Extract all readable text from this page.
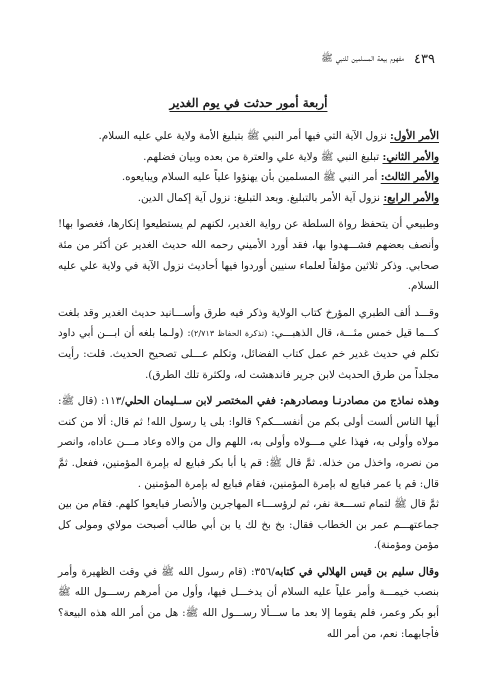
٤٣٩
مفهوم بيعة المسلمين للنبي ﷺ
أربعة أمور حدثت في يوم الغدير

الأمر الأول: نزول الآية التي فيها أمر النبي ﷺ بتبليغ الأمة ولاية علي عليه السلام.

والأمر الثاني: تبليغ النبي ﷺ ولاية علي والعترة من بعده وبيان فضلهم.

والأمر الثالث: أمر النبي ﷺ المسلمين بأن يهنؤوا علياً عليه السلام ويبايعوه.

والأمر الرابع: نزول آية الأمر بالتبليغ. وبعد التبليغ: نزول آية إكمال الدين.

وطبيعي أن يتحفظ رواة السلطة عن رواية الغدير، لكنهم لم يستطيعوا إنكارها، فغصوا بها! وأنصف بعضهم فشـــهدوا بها، فقد أورد الأميني رحمه الله حديث الغدير عن أكثر من مئة صحابي. وذكر ثلاثين مؤلفاً لعلماء سنيين أوردوا فيها أحاديث نزول الآية في ولاية علي عليه السلام.

وقـــد ألف الطبري المؤرخ كتاب الولاية وذكر فيه طرق وأســـانيد حديث الغدير وقد بلغت كـــما قيل خمس مئـــة، قال الذهبـــي: (تذكرة الحفاظ ٢/٧١٣): (ولـما بلغه أن ابـــن أبي داود تكلم في حديث غدير خم عمل كتاب الفضائل، وتكلم عـــلى تصحيح الحديث. قلت: رأيت مجلداً من طرق الحديث لابن جرير فاندهشت له، ولكثرة تلك الطرق).

وهذه نماذج من مصادرنـا ومصادرهم: ففي المختصر لابن ســليمان الحلي/١١٣: (قال ﷺ: أيها الناس ألست أولى بكم من أنفســـكم؟ قالوا: بلى يا رسول الله! ثم قال: ألا من كنت مولاه وأولى به، فهذا علي مـــولاه وأولى به، اللهم وال من والاه وعاد مـــن عاداه، وانصر من نصره، واخذل من خذله. ثمَّ قال ﷺ: قم يا أبا بكر فبايع له بإمرة المؤمنين، ففعل. ثمَّ قال: قم يا عمر فبايع له بإمرة المؤمنين، فقام فبايع له بإمرة المؤمنين .

ثمَّ قال ﷺ لتمام تســـعة نفر، ثم لرؤســـاء المهاجرين والأنصار فبايعوا كلهم. فقام من بين جماعتهـــم عمر بن الخطاب فقال: بخ بخ لك يا بن أبي طالب أصبحت مولاي ومولى كل مؤمن ومؤمنة).

وقال سليم بن قيس الهلالي في كتابه/٣٥٦: (قام رسول الله ﷺ في وقت الظهيرة وأمر بنصب خيمـــة وأمر علياً عليه السلام أن يدخـــل فيها، وأول من أمرهم رســـول الله ﷺ أبو بكر وعمر، فلم يقوما إلا بعد ما ســـألا رســـول الله ﷺ: هل من أمر الله هذه البيعة؟ فأجابهما: نعم، من أمر الله
